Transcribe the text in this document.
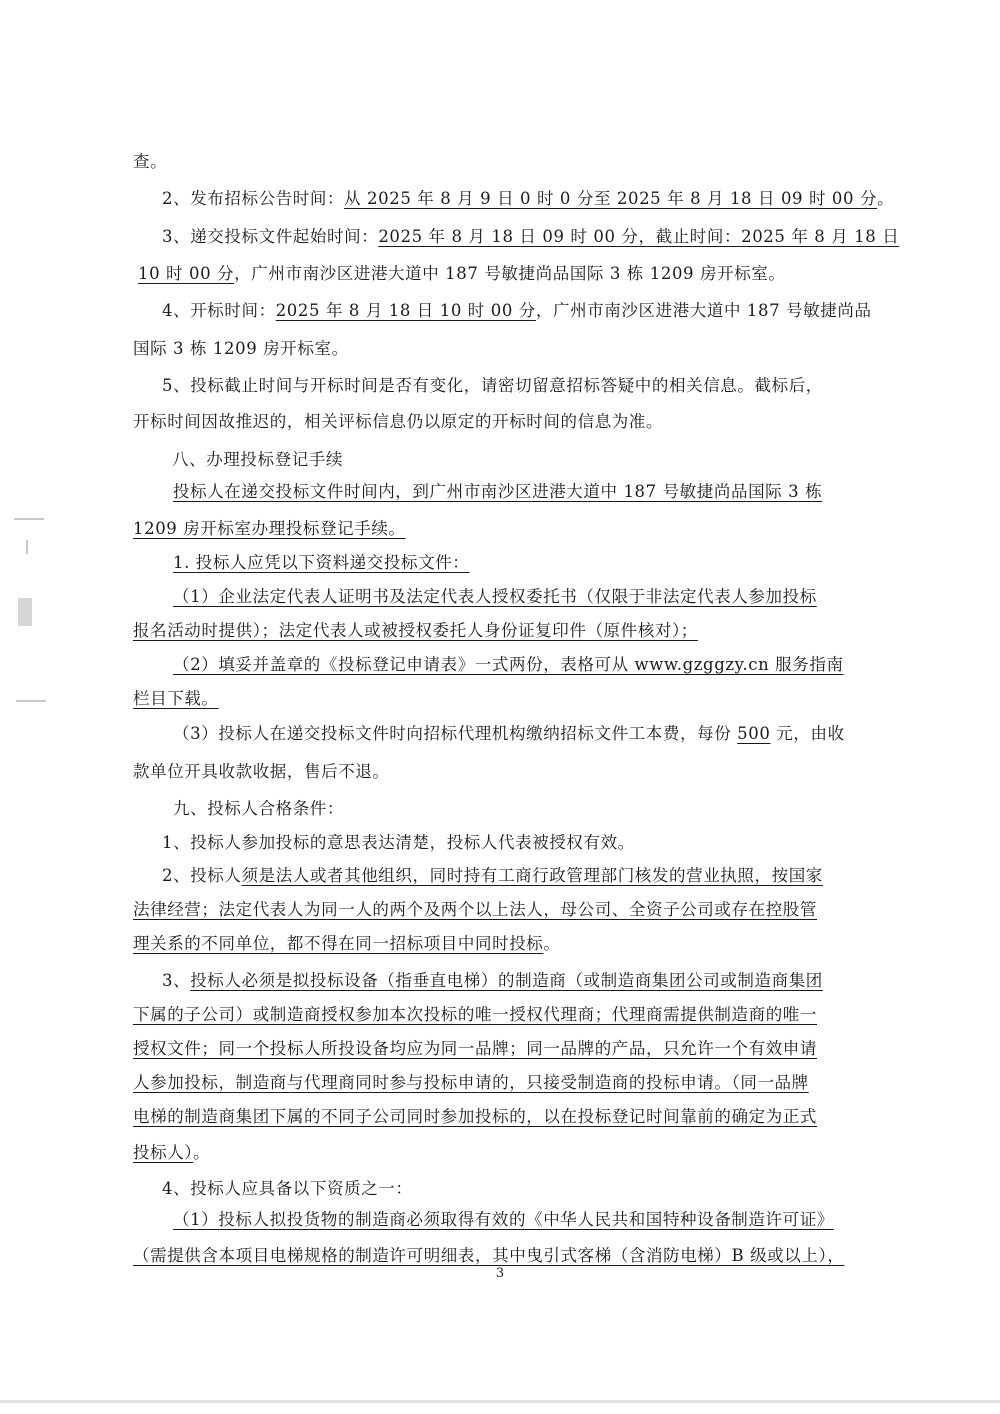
查。
2、发布招标公告时间：从 2025 年 8 月 9 日 0 时 0 分至 2025 年 8 月 18 日 09 时 00 分。
3、递交投标文件起始时间：2025 年 8 月 18 日 09 时 00 分，截止时间：2025 年 8 月 18 日
10 时 00 分，广州市南沙区进港大道中 187 号敏捷尚品国际 3 栋 1209 房开标室。
4、开标时间：2025 年 8 月 18 日 10 时 00 分，广州市南沙区进港大道中 187 号敏捷尚品
国际 3 栋 1209 房开标室。
5、投标截止时间与开标时间是否有变化，请密切留意招标答疑中的相关信息。截标后，
开标时间因故推迟的，相关评标信息仍以原定的开标时间的信息为准。
八、办理投标登记手续
投标人在递交投标文件时间内，到广州市南沙区进港大道中 187 号敏捷尚品国际 3 栋
1209 房开标室办理投标登记手续。
1. 投标人应凭以下资料递交投标文件：
（1）企业法定代表人证明书及法定代表人授权委托书（仅限于非法定代表人参加投标
报名活动时提供）；法定代表人或被授权委托人身份证复印件（原件核对）；
（2）填妥并盖章的《投标登记申请表》一式两份，表格可从 www.gzggzy.cn 服务指南
栏目下载。
（3）投标人在递交投标文件时向招标代理机构缴纳招标文件工本费，每份 500 元，由收
款单位开具收款收据，售后不退。
九、投标人合格条件：
1、投标人参加投标的意思表达清楚，投标人代表被授权有效。
2、投标人须是法人或者其他组织，同时持有工商行政管理部门核发的营业执照，按国家
法律经营；法定代表人为同一人的两个及两个以上法人，母公司、全资子公司或存在控股管
理关系的不同单位，都不得在同一招标项目中同时投标。
3、投标人必须是拟投标设备（指垂直电梯）的制造商（或制造商集团公司或制造商集团
下属的子公司）或制造商授权参加本次投标的唯一授权代理商；代理商需提供制造商的唯一
授权文件；同一个投标人所投设备均应为同一品牌；同一品牌的产品，只允许一个有效申请
人参加投标，制造商与代理商同时参与投标申请的，只接受制造商的投标申请。（同一品牌
电梯的制造商集团下属的不同子公司同时参加投标的，以在投标登记时间靠前的确定为正式
投标人）。
4、投标人应具备以下资质之一：
（1）投标人拟投货物的制造商必须取得有效的《中华人民共和国特种设备制造许可证》
（需提供含本项目电梯规格的制造许可明细表，其中曳引式客梯（含消防电梯）B 级或以上），
3
